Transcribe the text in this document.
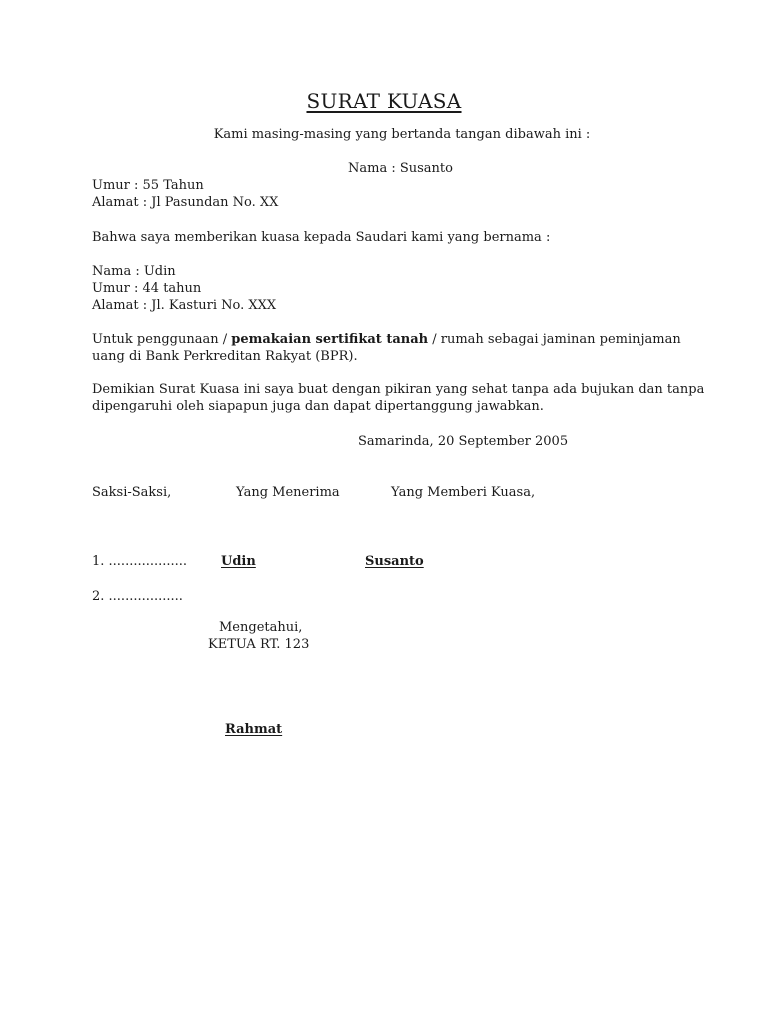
SURAT KUASA
Kami masing-masing yang bertanda tangan dibawah ini :
Nama : Susanto
Umur : 55 Tahun
Alamat : Jl Pasundan No. XX
Bahwa saya memberikan kuasa kepada Saudari kami yang bernama :
Nama : Udin
Umur : 44 tahun
Alamat : Jl. Kasturi No. XXX
Untuk penggunaan / pemakaian sertifikat tanah / rumah sebagai jaminan peminjaman
uang di Bank Perkreditan Rakyat (BPR).
Demikian Surat Kuasa ini saya buat dengan pikiran yang sehat tanpa ada bujukan dan tanpa
dipengaruhi oleh siapapun juga dan dapat dipertanggung jawabkan.
Samarinda, 20 September 2005
Saksi-Saksi,	Yang Menerima	Yang Memberi Kuasa,
1. ...................	Udin	Susanto
2. ..................
Mengetahui,
KETUA RT. 123
Rahmat
